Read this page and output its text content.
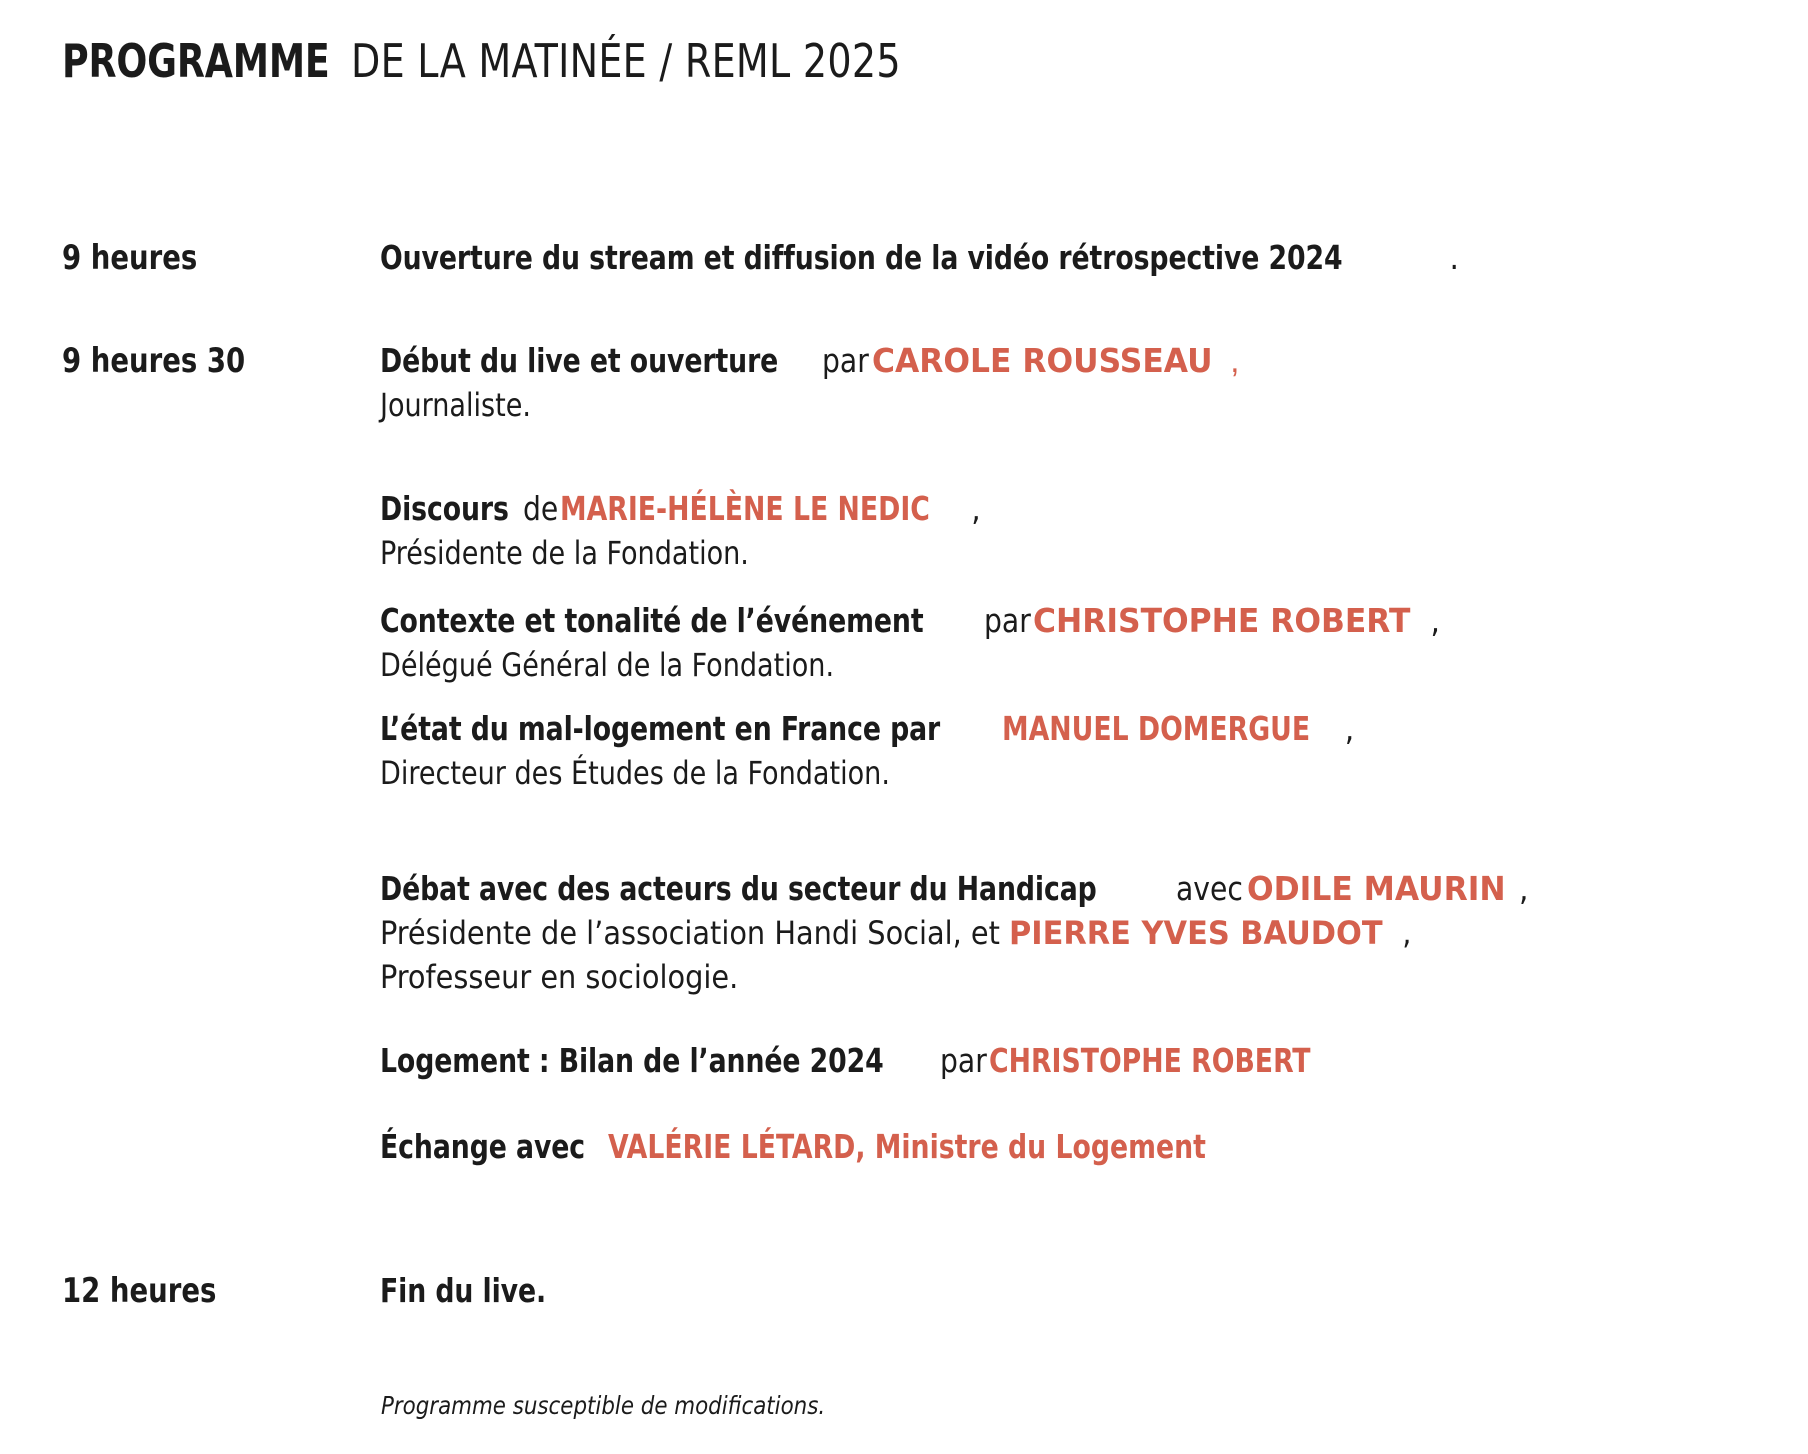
PROGRAMME DE LA MATINÉE / REML 2025
9 heures	Ouverture du stream et diffusion de la vidéo rétrospective 2024	.
9 heures 30	Début du live et ouvertureparCAROLE ROUSSEAU ,
Journaliste.
DiscoursdeMARIE-HÉLÈNE LE NEDIC ,
Présidente de la Fondation.
Contexte et tonalité de l’événementparCHRISTOPHE ROBERT ,
Délégué Général de la Fondation.
L’état du mal-logement en France parMANUEL DOMERGUE ,
Directeur des Études de la Fondation.
Débat avec des acteurs du secteur du HandicapavecODILE MAURIN ,
Présidente de l’association Handi Social, et PIERRE YVES BAUDOT ,
Professeur en sociologie.
Logement : Bilan de l’année 2024parCHRISTOPHE ROBERT
Échange avecVALÉRIE LÉTARD, Ministre du Logement
12 heures	Fin du live.
Programme susceptible de modifications.
